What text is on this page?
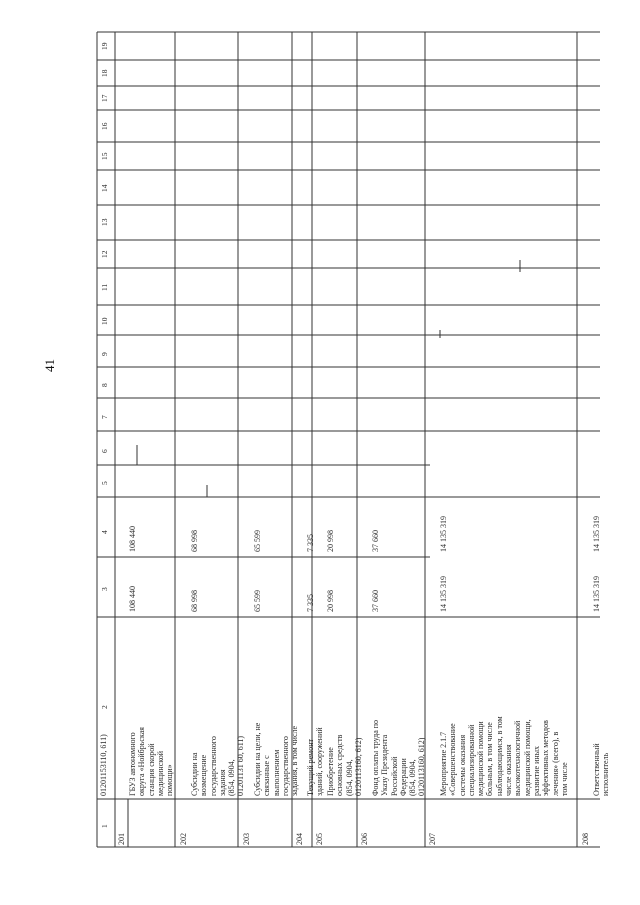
1
2
3
4
5
6
7
8
9
10
11
12
13
14
15
16
17
18
19
41
01201153110, 611)
201
ГБУЗ автономного округа «Нойбрьская станция скорой медицинской помощи»
108 440
108 440
202
Субсидии на возмещение государственного задания (854, 0904, 01201131 60, 611)
68 998
68 998
203
Субсидии на цели, не связанные с выполнением государственного задания, в том числе
65 599
65 599
204
Текущий ремонт зданий, сооружений
7 335
7 335
205
Приобретение основных средств (854, 0904, 0120113160, 612)
20 998
20 998
206
Фонд оплаты труда по Указу Президента Российской Федерации (854, 0904, 0120113160, 612)
37 660
37 660
207
Мероприятие 2.1.7 «Совершенствование системы оказания специализированной медицинской помощи больным, в том числе наблюдающимся, в том числе оказания высокотехнологичной медицинской помощи, развитие иных эффективных методов лечения» (всего), в том числе
14 135 319
14 135 319
208
Ответственный исполнитель
14 135 319
14 135 319
